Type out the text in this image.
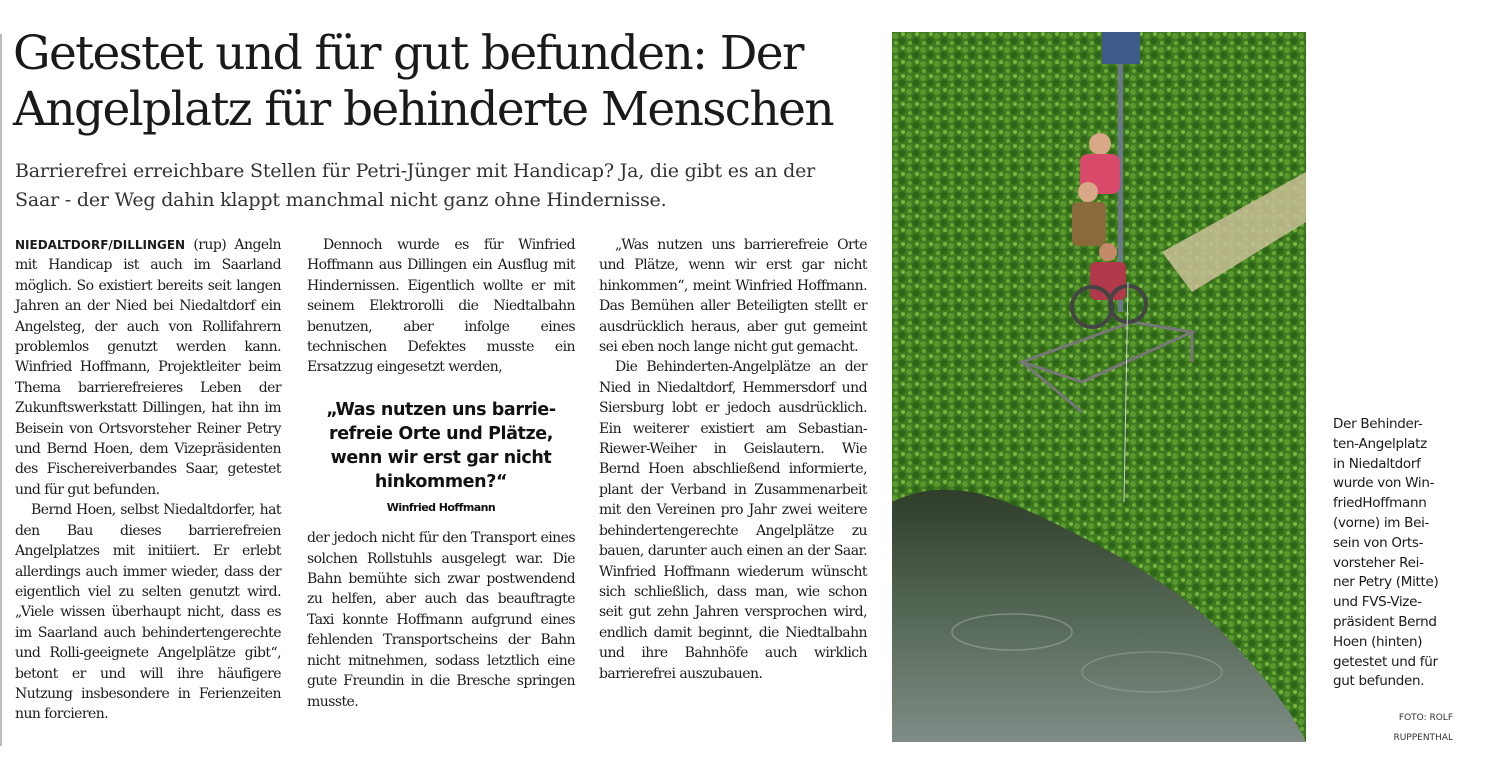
Getestet und für gut befunden: Der
Angelplatz für behinderte Menschen

Barrierefrei erreichbare Stellen für Petri-Jünger mit Handicap? Ja, die gibt es an der
Saar - der Weg dahin klappt manchmal nicht ganz ohne Hindernisse.

NIEDALTDORF/DILLINGEN (rup) Angeln mit Handicap ist auch im Saarland möglich. So existiert bereits seit langen Jahren an der Nied bei Niedaltdorf ein Angelsteg, der auch von Rollifahrern problemlos genutzt werden kann. Winfried Hoffmann, Projektleiter beim Thema barrierefreieres Leben der Zukunftswerkstatt Dillingen, hat ihn im Beisein von Ortsvorsteher Reiner Petry und Bernd Hoen, dem Vizepräsidenten des Fischereiverbandes Saar, getestet und für gut befunden.

Bernd Hoen, selbst Niedaltdorfer, hat den Bau dieses barrierefreien Angelplatzes mit initiiert. Er erlebt allerdings auch immer wieder, dass der eigentlich viel zu selten genutzt wird. „Viele wissen überhaupt nicht, dass es im Saarland auch behindertengerechte und Rolli-geeignete Angelplätze gibt“, betont er und will ihre häufigere Nutzung insbesondere in Ferienzeiten nun forcieren.

Dennoch wurde es für Winfried Hoffmann aus Dillingen ein Ausflug mit Hindernissen. Eigentlich wollte er mit seinem Elektrorolli die Niedtalbahn benutzen, aber infolge eines technischen Defektes musste ein Ersatzzug eingesetzt werden,

„Was nutzen uns barrie-
refreie Orte und Plätze,
wenn wir erst gar nicht
hinkommen?“
Winfried Hoffmann

der jedoch nicht für den Transport eines solchen Rollstuhls ausgelegt war. Die Bahn bemühte sich zwar postwendend zu helfen, aber auch das beauftragte Taxi konnte Hoffmann aufgrund eines fehlenden Transportscheins der Bahn nicht mitnehmen, sodass letztlich eine gute Freundin in die Bresche springen musste.

„Was nutzen uns barrierefreie Orte und Plätze, wenn wir erst gar nicht hinkommen“, meint Winfried Hoffmann. Das Bemühen aller Beteiligten stellt er ausdrücklich heraus, aber gut gemeint sei eben noch lange nicht gut gemacht.

Die Behinderten-Angelplätze an der Nied in Niedaltdorf, Hemmersdorf und Siersburg lobt er jedoch ausdrücklich. Ein weiterer existiert am Sebastian-Riewer-Weiher in Geislautern. Wie Bernd Hoen abschließend informierte, plant der Verband in Zusammenarbeit mit den Vereinen pro Jahr zwei weitere behindertengerechte Angelplätze zu bauen, darunter auch einen an der Saar. Winfried Hoffmann wiederum wünscht sich schließlich, dass man, wie schon seit gut zehn Jahren versprochen wird, endlich damit beginnt, die Niedtalbahn und ihre Bahnhöfe auch wirklich barrierefrei auszubauen.

Der Behinder-
ten-Angelplatz
in Niedaltdorf
wurde von Win-
friedHoffmann
(vorne) im Bei-
sein von Orts-
vorsteher Rei-
ner Petry (Mitte)
und FVS-Vize-
präsident Bernd
Hoen (hinten)
getestet und für
gut befunden.
FOTO: ROLF
RUPPENTHAL
